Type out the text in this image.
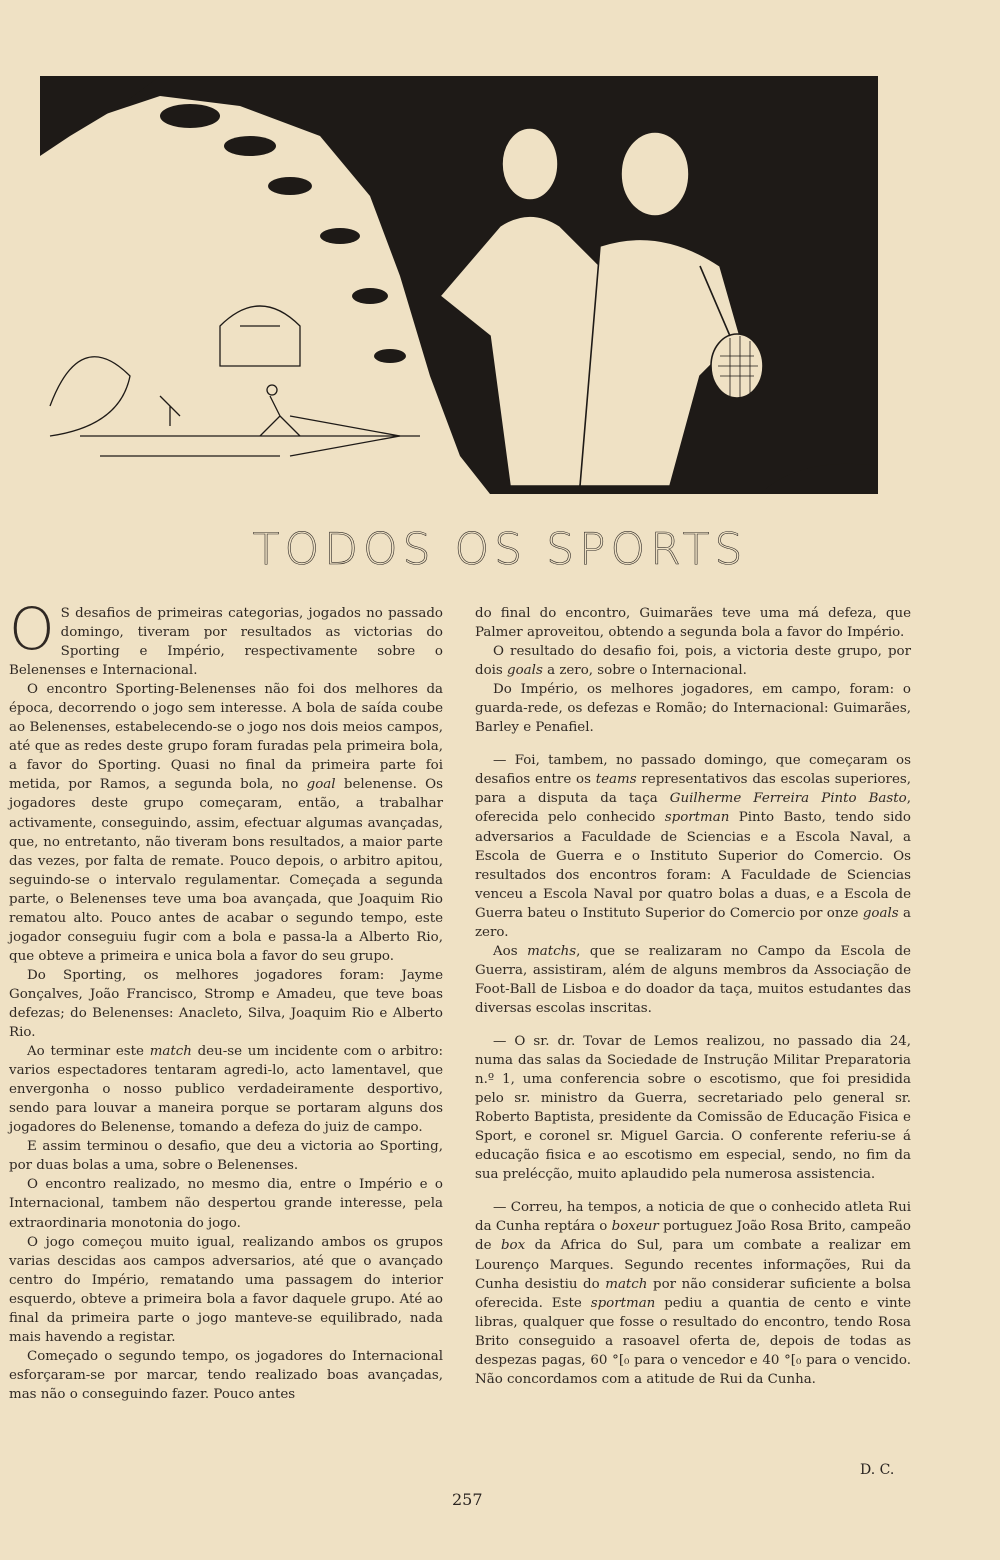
TODOS OS SPORTS

O S desafios de primeiras categorias, jogados no passado domingo, tiveram por resultados as victorias do Sporting e Império, respectivamente sobre o Belenenses e Internacional.

O encontro Sporting-Belenenses não foi dos melhores da época, decorrendo o jogo sem interesse. A bola de saída coube ao Belenenses, estabelecendo-se o jogo nos dois meios campos, até que as redes deste grupo foram furadas pela primeira bola, a favor do Sporting. Quasi no final da primeira parte foi metida, por Ramos, a segunda bola, no goal belenense. Os jogadores deste grupo começaram, então, a trabalhar activamente, conseguindo, assim, efectuar algumas avançadas, que, no entretanto, não tiveram bons resultados, a maior parte das vezes, por falta de remate. Pouco depois, o arbitro apitou, seguindo-se o intervalo regulamentar. Começada a segunda parte, o Belenenses teve uma boa avançada, que Joaquim Rio rematou alto. Pouco antes de acabar o segundo tempo, este jogador conseguiu fugir com a bola e passa-la a Alberto Rio, que obteve a primeira e unica bola a favor do seu grupo.

Do Sporting, os melhores jogadores foram: Jayme Gonçalves, João Francisco, Stromp e Amadeu, que teve boas defezas; do Belenenses: Anacleto, Silva, Joaquim Rio e Alberto Rio.

Ao terminar este match deu-se um incidente com o arbitro: varios espectadores tentaram agredi-lo, acto lamentavel, que envergonha o nosso publico verdadeiramente desportivo, sendo para louvar a maneira porque se portaram alguns dos jogadores do Belenense, tomando a defeza do juiz de campo.

E assim terminou o desafio, que deu a victoria ao Sporting, por duas bolas a uma, sobre o Belenenses.

O encontro realizado, no mesmo dia, entre o Império e o Internacional, tambem não despertou grande interesse, pela extraordinaria monotonia do jogo.

O jogo começou muito igual, realizando ambos os grupos varias descidas aos campos adversarios, até que o avançado centro do Império, rematando uma passagem do interior esquerdo, obteve a primeira bola a favor daquele grupo. Até ao final da primeira parte o jogo manteve-se equilibrado, nada mais havendo a registar.

Começado o segundo tempo, os jogadores do Internacional esforçaram-se por marcar, tendo realizado boas avançadas, mas não o conseguindo fazer. Pouco antes

do final do encontro, Guimarães teve uma má defeza, que Palmer aproveitou, obtendo a segunda bola a favor do Império.

O resultado do desafio foi, pois, a victoria deste grupo, por dois goals a zero, sobre o Internacional.

Do Império, os melhores jogadores, em campo, foram: o guarda-rede, os defezas e Romão; do Internacional: Guimarães, Barley e Penafiel.

— Foi, tambem, no passado domingo, que começaram os desafios entre os teams representativos das escolas superiores, para a disputa da taça Guilherme Ferreira Pinto Basto, oferecida pelo conhecido sportman Pinto Basto, tendo sido adversarios a Faculdade de Sciencias e a Escola Naval, a Escola de Guerra e o Instituto Superior do Comercio. Os resultados dos encontros foram: A Faculdade de Sciencias venceu a Escola Naval por quatro bolas a duas, e a Escola de Guerra bateu o Instituto Superior do Comercio por onze goals a zero.

Aos matchs, que se realizaram no Campo da Escola de Guerra, assistiram, além de alguns membros da Associação de Foot-Ball de Lisboa e do doador da taça, muitos estudantes das diversas escolas inscritas.

— O sr. dr. Tovar de Lemos realizou, no passado dia 24, numa das salas da Sociedade de Instrução Militar Preparatoria n.º 1, uma conferencia sobre o escotismo, que foi presidida pelo sr. ministro da Guerra, secretariado pelo general sr. Roberto Baptista, presidente da Comissão de Educação Fisica e Sport, e coronel sr. Miguel Garcia. O conferente referiu-se á educação fisica e ao escotismo em especial, sendo, no fim da sua prelécção, muito aplaudido pela numerosa assistencia.

— Correu, ha tempos, a noticia de que o conhecido atleta Rui da Cunha reptára o boxeur portuguez João Rosa Brito, campeão de box da Africa do Sul, para um combate a realizar em Lourenço Marques. Segundo recentes informações, Rui da Cunha desistiu do match por não considerar suficiente a bolsa oferecida. Este sportman pediu a quantia de cento e vinte libras, qualquer que fosse o resultado do encontro, tendo Rosa Brito conseguido a rasoavel oferta de, depois de todas as despezas pagas, 60 °[₀ para o vencedor e 40 °[₀ para o vencido. Não concordamos com a atitude de Rui da Cunha.

D. C.
257
